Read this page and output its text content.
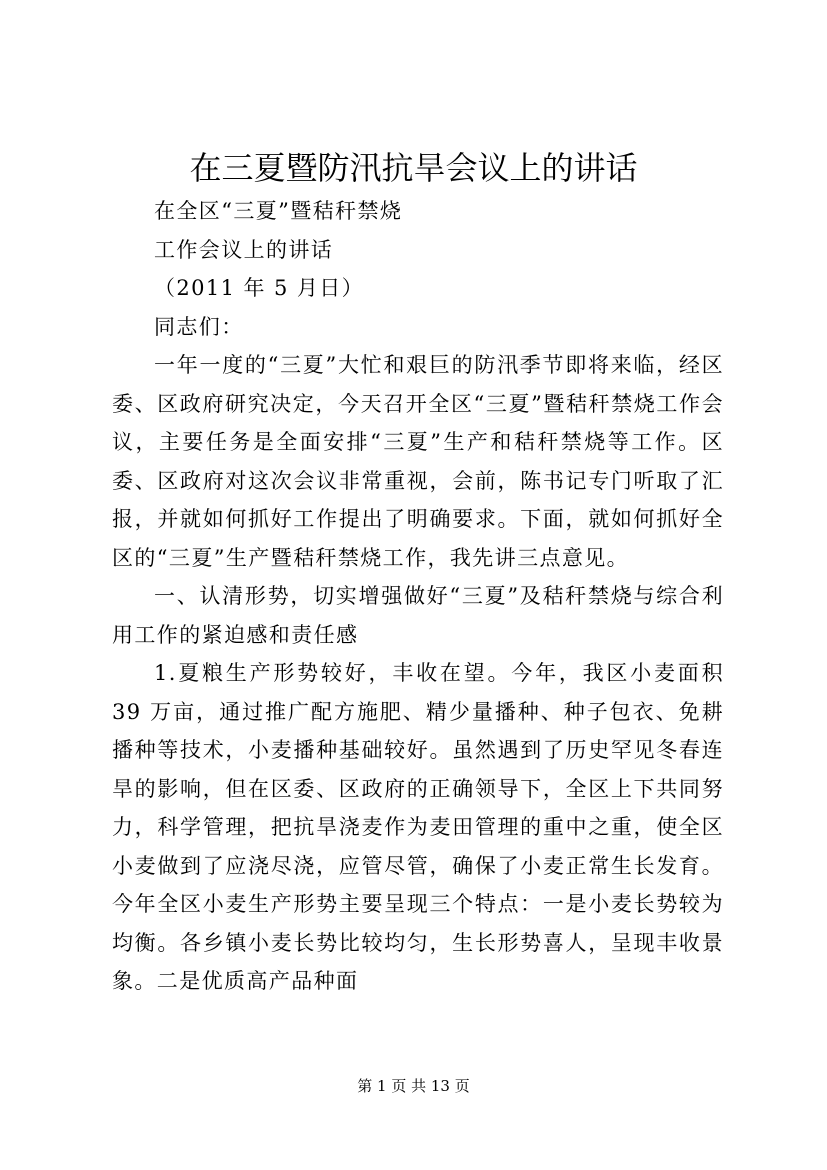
在三夏暨防汛抗旱会议上的讲话

在全区“三夏”暨秸秆禁烧

工作会议上的讲话

（2011 年 5 月日）

同志们：

一年一度的“三夏”大忙和艰巨的防汛季节即将来临，经区委、区政府研究决定，今天召开全区“三夏”暨秸秆禁烧工作会议，主要任务是全面安排“三夏”生产和秸秆禁烧等工作。区委、区政府对这次会议非常重视，会前，陈书记专门听取了汇报，并就如何抓好工作提出了明确要求。下面，就如何抓好全区的“三夏”生产暨秸秆禁烧工作，我先讲三点意见。

一、认清形势，切实增强做好“三夏”及秸秆禁烧与综合利用工作的紧迫感和责任感

1.夏粮生产形势较好，丰收在望。今年，我区小麦面积 39 万亩，通过推广配方施肥、精少量播种、种子包衣、免耕播种等技术，小麦播种基础较好。虽然遇到了历史罕见冬春连旱的影响，但在区委、区政府的正确领导下，全区上下共同努力，科学管理，把抗旱浇麦作为麦田管理的重中之重，使全区小麦做到了应浇尽浇，应管尽管，确保了小麦正常生长发育。今年全区小麦生产形势主要呈现三个特点：一是小麦长势较为均衡。各乡镇小麦长势比较均匀，生长形势喜人，呈现丰收景象。二是优质高产品种面

第 1 页 共 13 页
